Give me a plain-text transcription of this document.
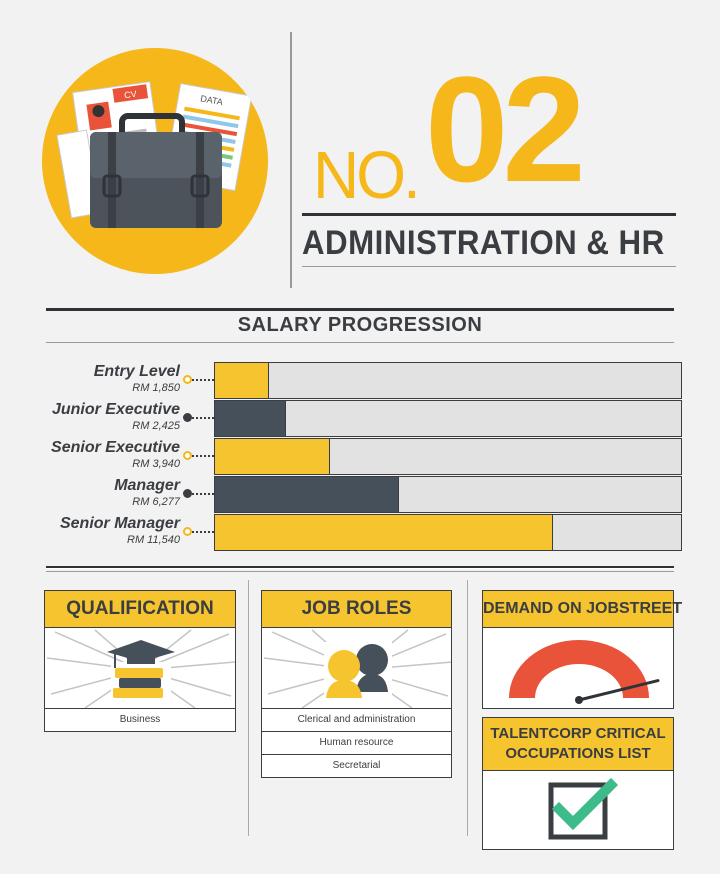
CV	DATA
NO. 02
ADMINISTRATION & HR
SALARY PROGRESSION
Entry Level
RM 1,850
Junior Executive
RM 2,425
Senior Executive
RM 3,940
Manager
RM 6,277
Senior Manager
RM 11,540
QUALIFICATION
Business
JOB ROLES
Clerical and administration
Human resource
Secretarial
DEMAND ON JOBSTREET
TALENTCORP CRITICAL
OCCUPATIONS LIST
